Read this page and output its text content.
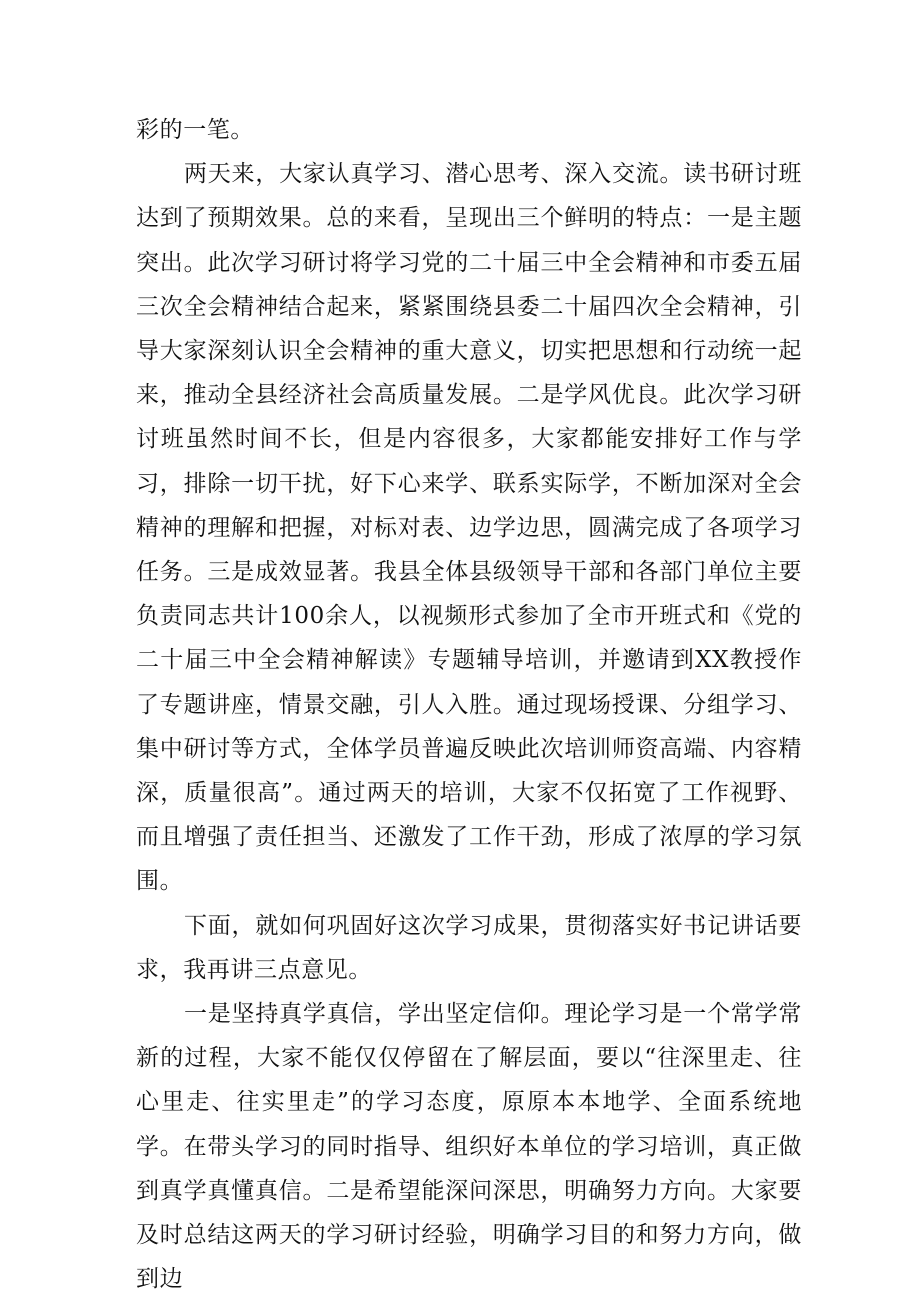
彩的一笔。

两天来，大家认真学习、潜心思考、深入交流。读书研讨班达到了预期效果。总的来看，呈现出三个鲜明的特点：一是主题突出。此次学习研讨将学习党的二十届三中全会精神和市委五届三次全会精神结合起来，紧紧围绕县委二十届四次全会精神，引导大家深刻认识全会精神的重大意义，切实把思想和行动统一起来，推动全县经济社会高质量发展。二是学风优良。此次学习研讨班虽然时间不长，但是内容很多，大家都能安排好工作与学习，排除一切干扰，好下心来学、联系实际学，不断加深对全会精神的理解和把握，对标对表、边学边思，圆满完成了各项学习任务。三是成效显著。我县全体县级领导干部和各部门单位主要负责同志共计100余人，以视频形式参加了全市开班式和《党的二十届三中全会精神解读》专题辅导培训，并邀请到XX教授作了专题讲座，情景交融，引人入胜。通过现场授课、分组学习、集中研讨等方式，全体学员普遍反映此次培训师资高端、内容精深，质量很高”。通过两天的培训，大家不仅拓宽了工作视野、而且增强了责任担当、还激发了工作干劲，形成了浓厚的学习氛围。

下面，就如何巩固好这次学习成果，贯彻落实好书记讲话要求，我再讲三点意见。

一是坚持真学真信，学出坚定信仰。理论学习是一个常学常新的过程，大家不能仅仅停留在了解层面，要以“往深里走、往心里走、往实里走”的学习态度，原原本本地学、全面系统地学。在带头学习的同时指导、组织好本单位的学习培训，真正做到真学真懂真信。二是希望能深问深思，明确努力方向。大家要及时总结这两天的学习研讨经验，明确学习目的和努力方向，做到边
